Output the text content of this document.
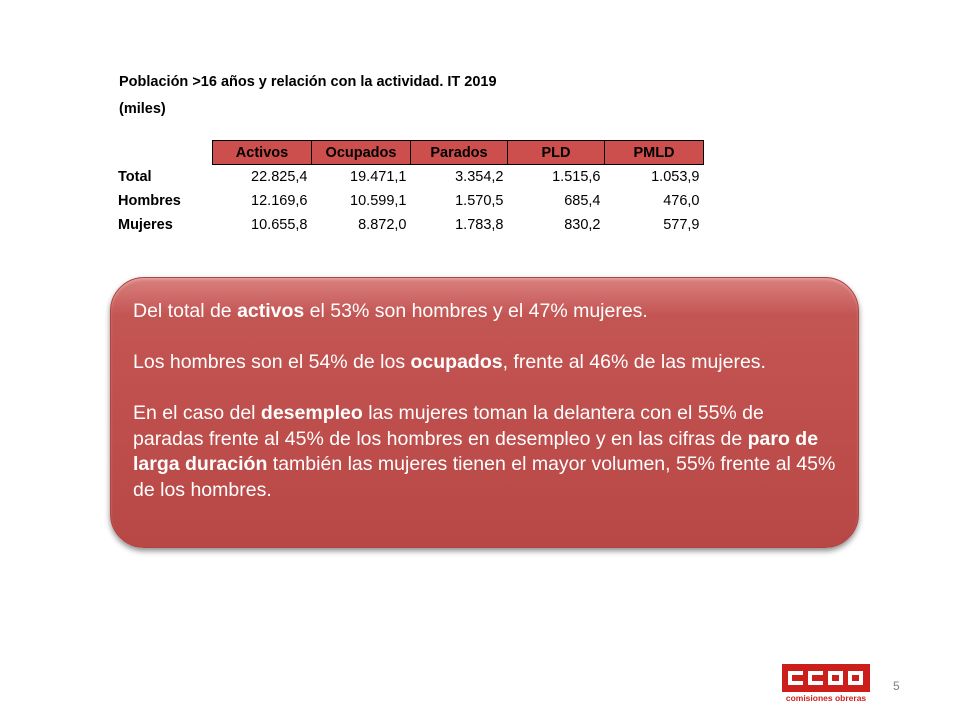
Población >16 años y relación con la actividad. IT 2019
(miles)
	Activos	Ocupados	Parados	PLD	PMLD
Total	22.825,4	19.471,1	3.354,2	1.515,6	1.053,9
Hombres	12.169,6	10.599,1	1.570,5	685,4	476,0
Mujeres	10.655,8	8.872,0	1.783,8	830,2	577,9

Del total de activos el 53% son hombres y el 47% mujeres.

Los hombres son el 54% de los ocupados, frente al 46% de las mujeres.

En el caso del desempleo las mujeres toman la delantera con el 55% de paradas frente al 45% de los hombres en desempleo y en las cifras de paro de larga duración también las mujeres tienen el mayor volumen, 55% frente al 45% de los hombres.

comisiones obreras
5
